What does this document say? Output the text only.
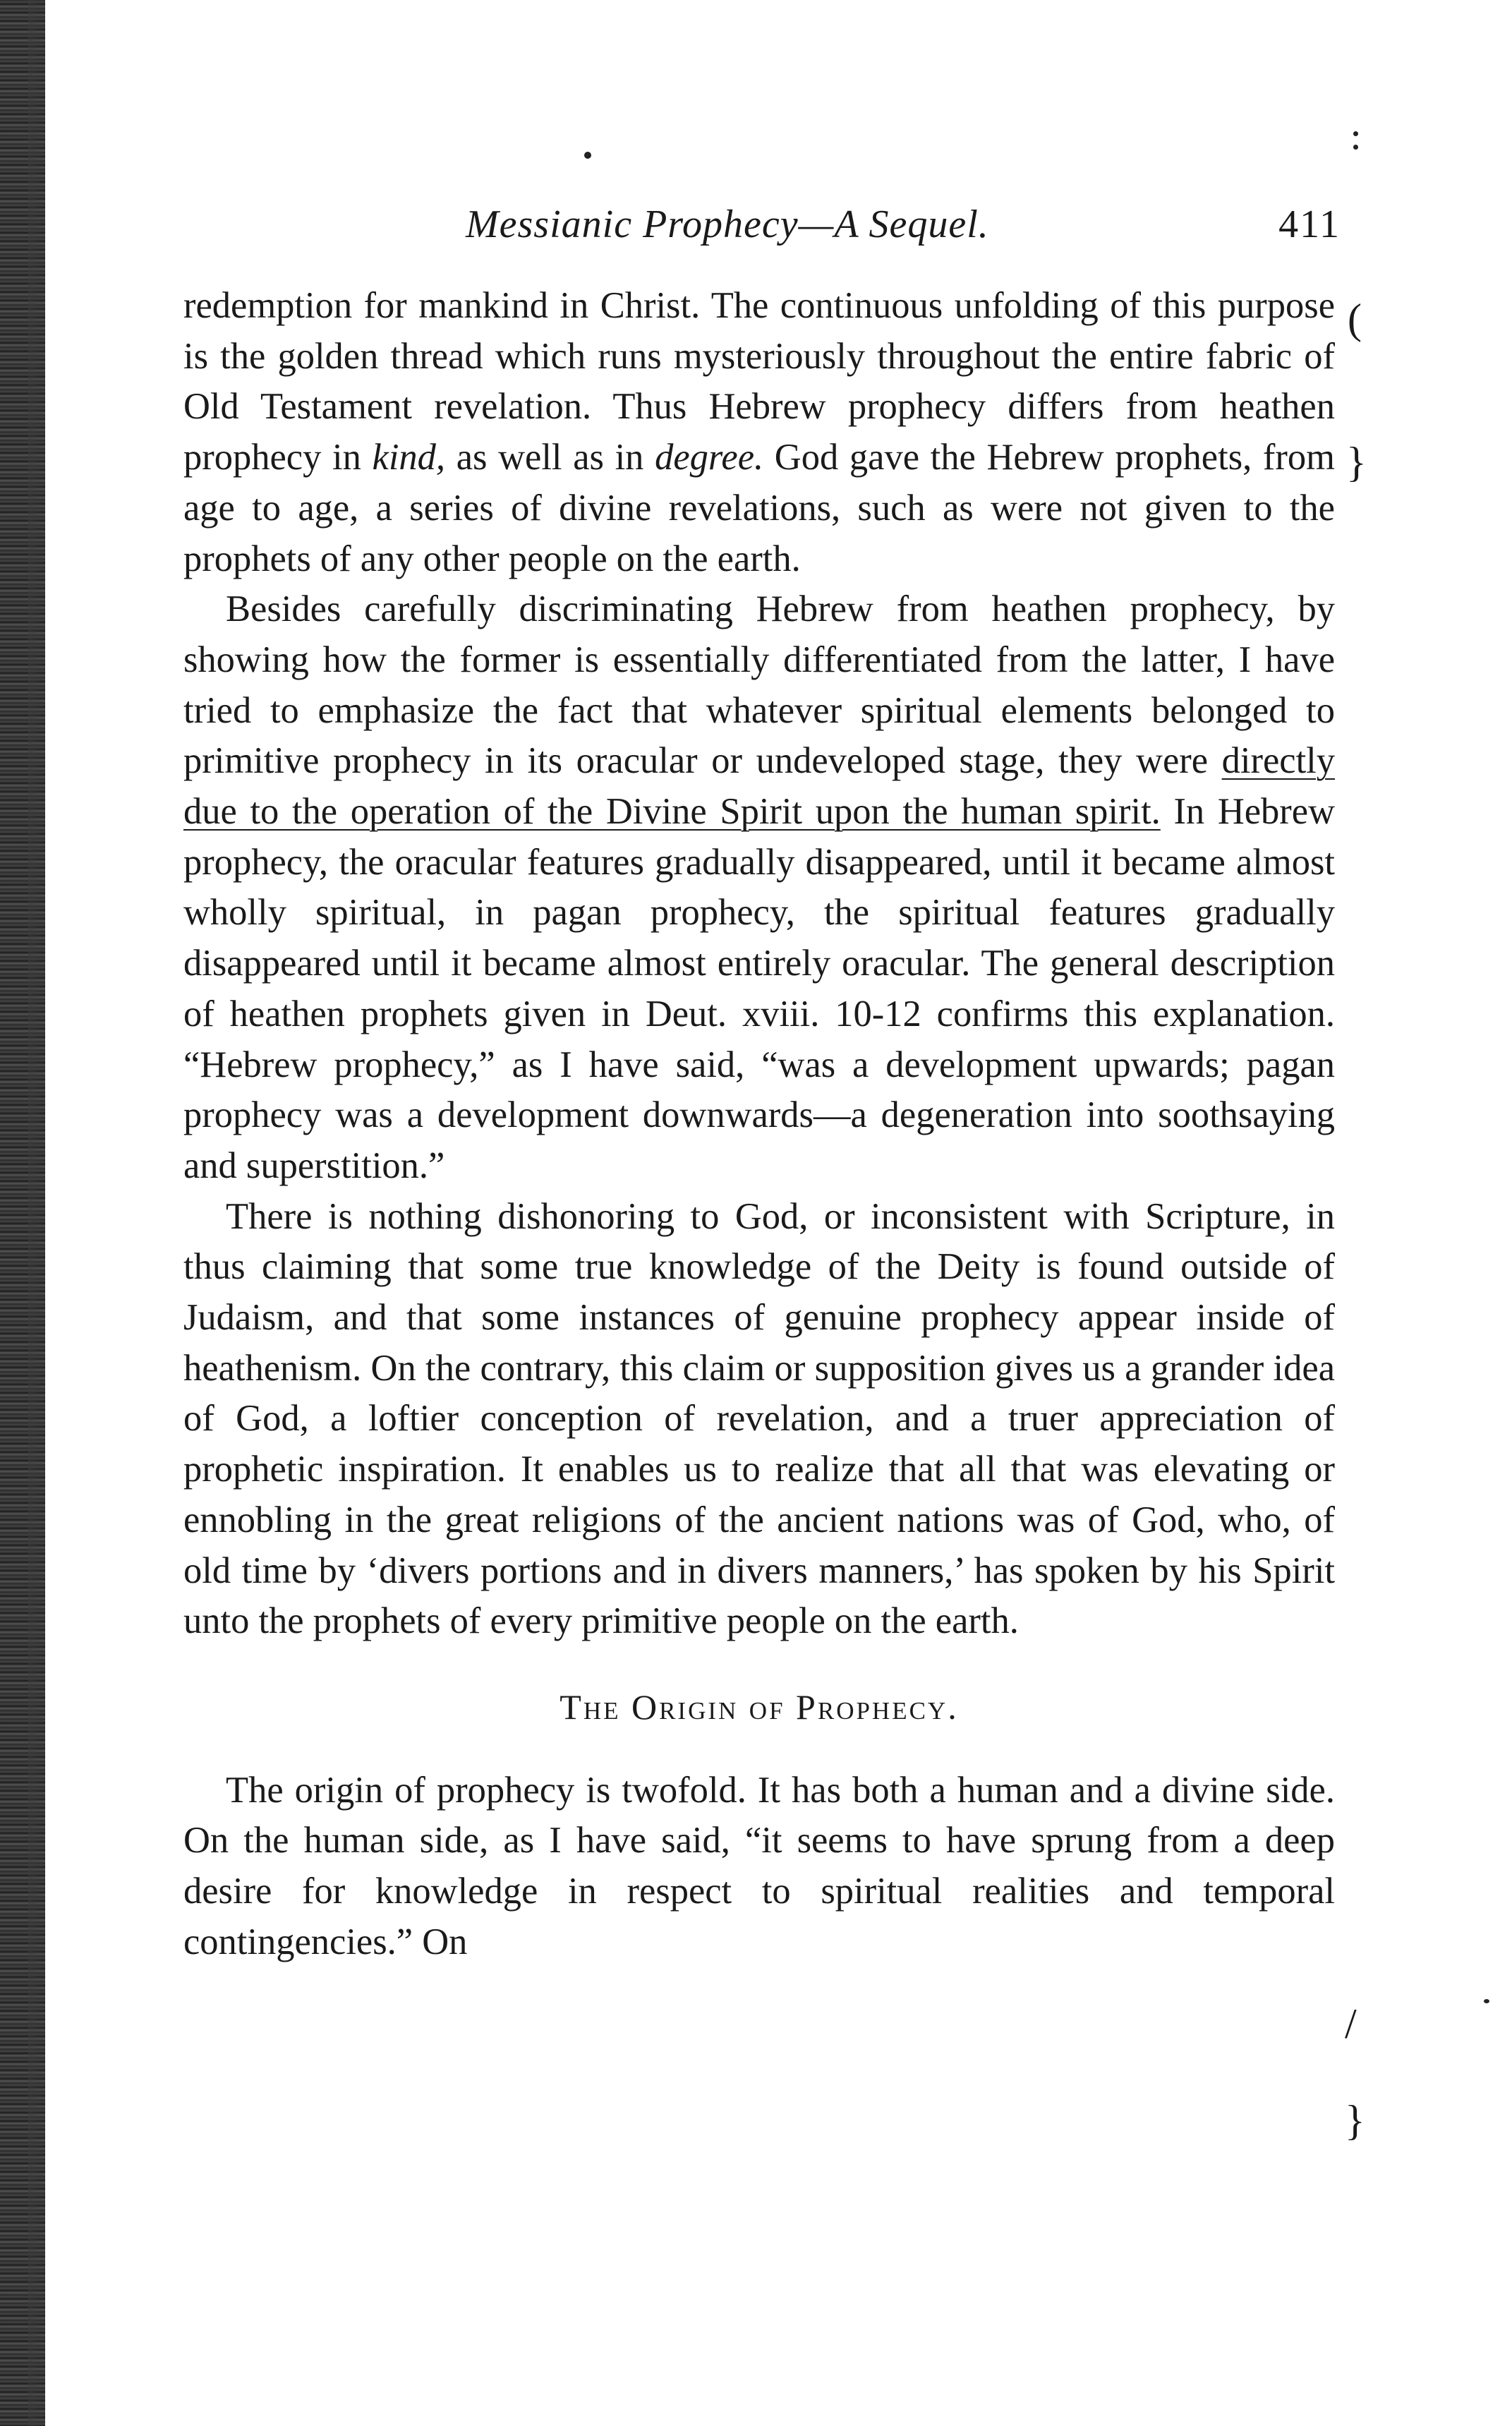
Messianic Prophecy—A Sequel.	411

redemption for mankind in Christ. The continuous unfolding of this purpose is the golden thread which runs mysteriously throughout the entire fabric of Old Testament revelation. Thus Hebrew prophecy differs from heathen prophecy in kind, as well as in degree. God gave the Hebrew prophets, from age to age, a series of divine revelations, such as were not given to the prophets of any other people on the earth.

Besides carefully discriminating Hebrew from heathen prophecy, by showing how the former is essentially differentiated from the latter, I have tried to emphasize the fact that whatever spiritual elements belonged to primitive prophecy in its oracular or undeveloped stage, they were directly due to the operation of the Divine Spirit upon the human spirit. In Hebrew prophecy, the oracular features gradually disappeared, until it became almost wholly spiritual, in pagan prophecy, the spiritual features gradually disappeared until it became almost entirely oracular. The general description of heathen prophets given in Deut. xviii. 10-12 confirms this explanation. “Hebrew prophecy,” as I have said, “was a development upwards; pagan prophecy was a development downwards—a degeneration into soothsaying and superstition.”

There is nothing dishonoring to God, or inconsistent with Scripture, in thus claiming that some true knowledge of the Deity is found outside of Judaism, and that some instances of genuine prophecy appear inside of heathenism. On the contrary, this claim or supposition gives us a grander idea of God, a loftier conception of revelation, and a truer appreciation of prophetic inspiration. It enables us to realize that all that was elevating or ennobling in the great religions of the ancient nations was of God, who, of old time by ‘divers portions and in divers manners,’ has spoken by his Spirit unto the prophets of every primitive people on the earth.

The Origin of Prophecy.

The origin of prophecy is twofold. It has both a human and a divine side. On the human side, as I have said, “it seems to have sprung from a deep desire for knowledge in respect to spiritual realities and temporal contingencies.” On

(
}
/
}
